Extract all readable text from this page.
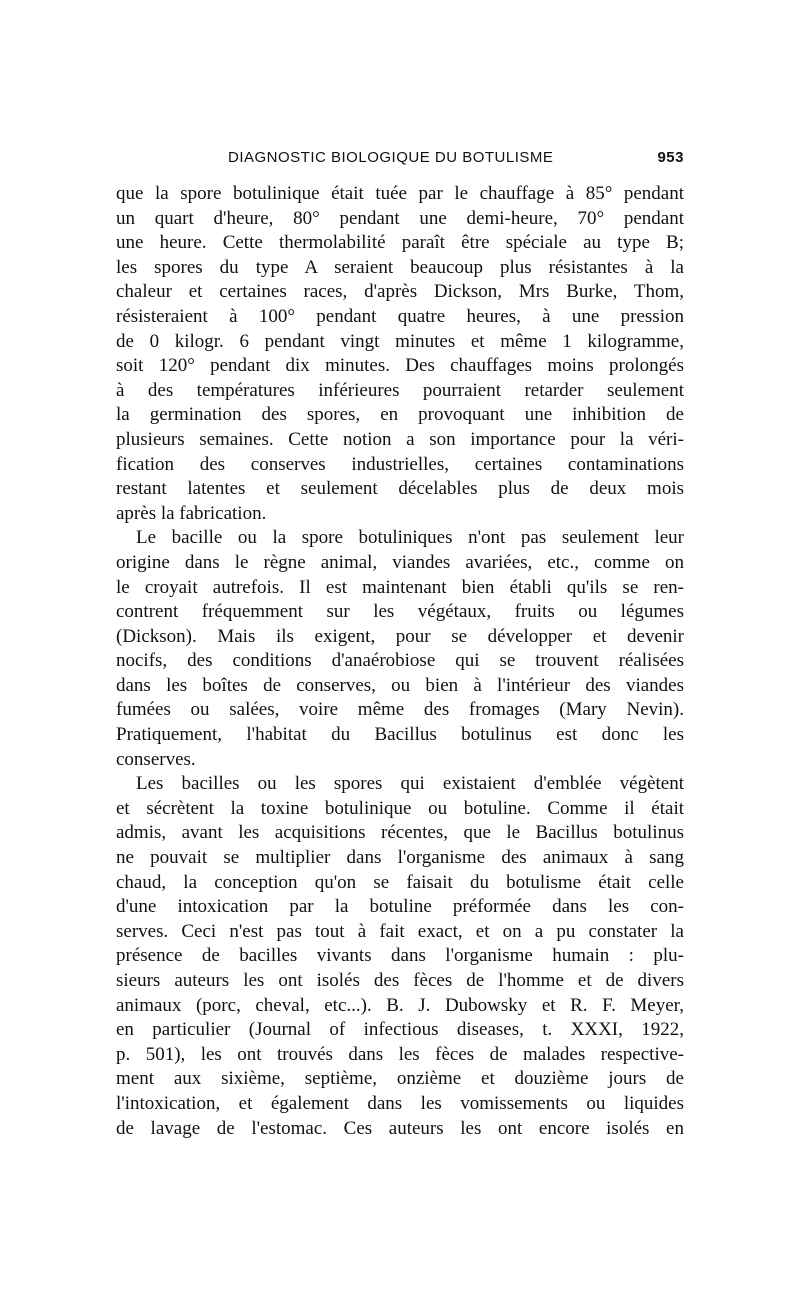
DIAGNOSTIC BIOLOGIQUE DU BOTULISME	953
que la spore botulinique était tuée par le chauffage à 85° pendant
un quart d'heure, 80° pendant une demi-heure, 70° pendant
une heure. Cette thermolabilité paraît être spéciale au type B;
les spores du type A seraient beaucoup plus résistantes à la
chaleur et certaines races, d'après Dickson, Mrs Burke, Thom,
résisteraient à 100° pendant quatre heures, à une pression
de 0 kilogr. 6 pendant vingt minutes et même 1 kilogramme,
soit 120° pendant dix minutes. Des chauffages moins prolongés
à des températures inférieures pourraient retarder seulement
la germination des spores, en provoquant une inhibition de
plusieurs semaines. Cette notion a son importance pour la véri-
fication des conserves industrielles, certaines contaminations
restant latentes et seulement décelables plus de deux mois
après la fabrication.
Le bacille ou la spore botuliniques n'ont pas seulement leur
origine dans le règne animal, viandes avariées, etc., comme on
le croyait autrefois. Il est maintenant bien établi qu'ils se ren-
contrent fréquemment sur les végétaux, fruits ou légumes
(Dickson). Mais ils exigent, pour se développer et devenir
nocifs, des conditions d'anaérobiose qui se trouvent réalisées
dans les boîtes de conserves, ou bien à l'intérieur des viandes
fumées ou salées, voire même des fromages (Mary Nevin).
Pratiquement, l'habitat du Bacillus botulinus est donc les
conserves.
Les bacilles ou les spores qui existaient d'emblée végètent
et sécrètent la toxine botulinique ou botuline. Comme il était
admis, avant les acquisitions récentes, que le Bacillus botulinus
ne pouvait se multiplier dans l'organisme des animaux à sang
chaud, la conception qu'on se faisait du botulisme était celle
d'une intoxication par la botuline préformée dans les con-
serves. Ceci n'est pas tout à fait exact, et on a pu constater la
présence de bacilles vivants dans l'organisme humain : plu-
sieurs auteurs les ont isolés des fèces de l'homme et de divers
animaux (porc, cheval, etc...). B. J. Dubowsky et R. F. Meyer,
en particulier (Journal of infectious diseases, t. XXXI, 1922,
p. 501), les ont trouvés dans les fèces de malades respective-
ment aux sixième, septième, onzième et douzième jours de
l'intoxication, et également dans les vomissements ou liquides
de lavage de l'estomac. Ces auteurs les ont encore isolés en
